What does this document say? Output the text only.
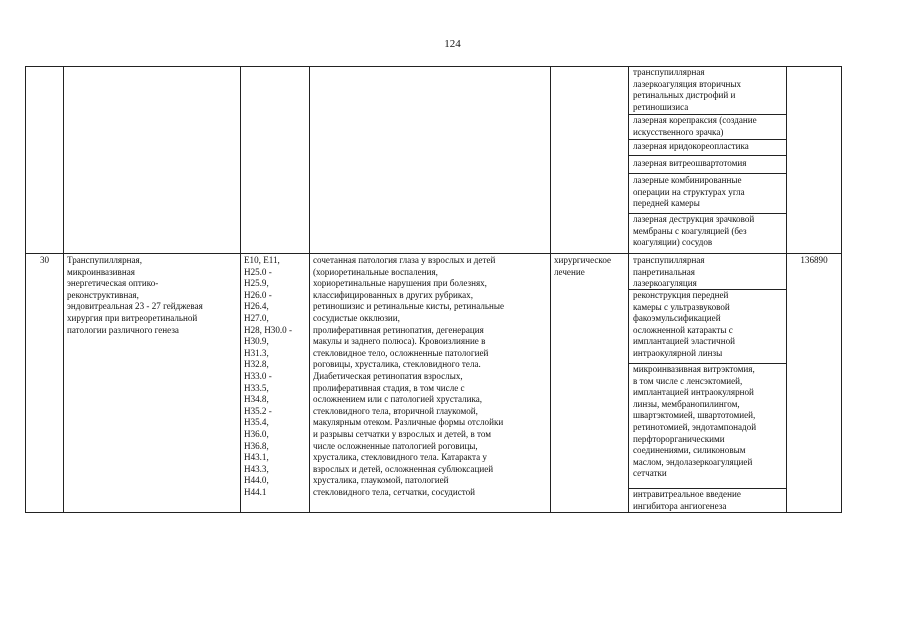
124
транспупиллярная
лазеркоагуляция вторичных
ретинальных дистрофий и
ретиношизиса
лазерная корепраксия (создание
искусственного зрачка)
лазерная иридокореопластика
лазерная витреошвартотомия
лазерные комбинированные
операции на структурах угла
передней камеры
лазерная деструкция зрачковой
мембраны с коагуляцией (без
коагуляции) сосудов
30	Транспупиллярная,
микроинвазивная
энергетическая оптико-
реконструктивная,
эндовитреальная 23 - 27 гейджевая
хирургия при витреоретинальной
патологии различного генеза
Е10, Е11,
Н25.0 -
Н25.9,
Н26.0 -
Н26.4,
Н27.0,
Н28, Н30.0 -
Н30.9,
Н31.3,
Н32.8,
Н33.0 -
Н33.5,
Н34.8,
Н35.2 -
Н35.4,
Н36.0,
Н36.8,
Н43.1,
Н43.3,
Н44.0,
Н44.1
сочетанная патология глаза у взрослых и детей
(хориоретинальные воспаления,
хориоретинальные нарушения при болезнях,
классифицированных в других рубриках,
ретиношизис и ретинальные кисты, ретинальные
сосудистые окклюзии,
пролиферативная ретинопатия, дегенерация
макулы и заднего полюса). Кровоизлияние в
стекловидное тело, осложненные патологией
роговицы, хрусталика, стекловидного тела.
Диабетическая ретинопатия взрослых,
пролиферативная стадия, в том числе с
осложнением или с патологией хрусталика,
стекловидного тела, вторичной глаукомой,
макулярным отеком. Различные формы отслойки
и разрывы сетчатки у взрослых и детей, в том
числе осложненные патологией роговицы,
хрусталика, стекловидного тела. Катаракта у
взрослых и детей, осложненная сублюксацией
хрусталика, глаукомой, патологией
стекловидного тела, сетчатки, сосудистой
хирургическое
лечение
транспупиллярная
панретинальная
лазеркоагуляция
реконструкция передней
камеры с ультразвуковой
факоэмульсификацией
осложненной катаракты с
имплантацией эластичной
интраокулярной линзы
микроинвазивная витрэктомия,
в том числе с ленсэктомией,
имплантацией интраокулярной
линзы, мембранопилингом,
швартэктомией, швартотомией,
ретинотомией, эндотампонадой
перфторорганическими
соединениями, силиконовым
маслом, эндолазеркоагуляцией
сетчатки
интравитреальное введение
ингибитора ангиогенеза
136890
